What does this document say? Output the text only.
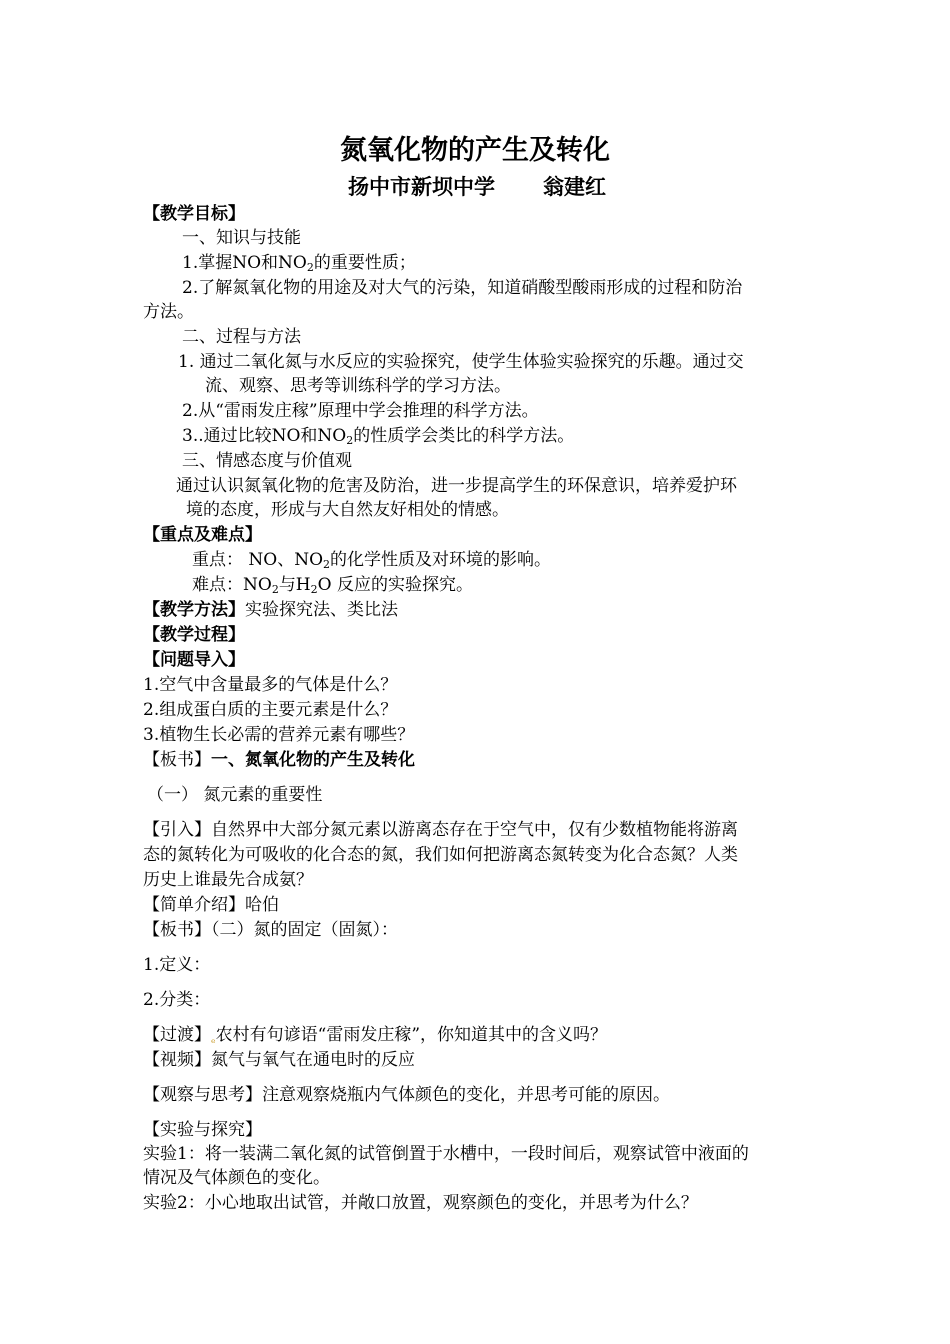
氮氧化物的产生及转化
扬中市新坝中学 翁建红
【教学目标】
一、知识与技能
1.掌握NO和$NO_2$的重要性质；
2.了解氮氧化物的用途及对大气的污染，知道硝酸型酸雨形成的过程和防治
方法。
二、过程与方法
1. 通过二氧化氮与水反应的实验探究，使学生体验实验探究的乐趣。通过交
流、观察、思考等训练科学的学习方法。
2.从“雷雨发庄稼”原理中学会推理的科学方法。
3..通过比较NO和$NO_2$的性质学会类比的科学方法。
三、情感态度与价值观
通过认识氮氧化物的危害及防治，进一步提高学生的环保意识，培养爱护环
境的态度，形成与大自然友好相处的情感。
【重点及难点】
重点： NO、$NO_2$的化学性质及对环境的影响。
难点：$NO_2$与$H_2O$ 反应的实验探究。
【教学方法】实验探究法、类比法
【教学过程】
【问题导入】
1.空气中含量最多的气体是什么？
2.组成蛋白质的主要元素是什么？
3.植物生长必需的营养元素有哪些？
【板书】一、氮氧化物的产生及转化
（一） 氮元素的重要性
【引入】自然界中大部分氮元素以游离态存在于空气中，仅有少数植物能将游离
态的氮转化为可吸收的化合态的氮，我们如何把游离态氮转变为化合态氮？人类
历史上谁最先合成氨？
【简单介绍】哈伯
【板书】（二）氮的固定（固氮）：
1.定义：
2.分类：
【过渡】ₑ农村有句谚语“雷雨发庄稼”，你知道其中的含义吗？
【视频】氮气与氧气在通电时的反应
【观察与思考】注意观察烧瓶内气体颜色的变化，并思考可能的原因。
【实验与探究】
实验1：将一装满二氧化氮的试管倒置于水槽中，一段时间后，观察试管中液面的
情况及气体颜色的变化。
实验2：小心地取出试管，并敞口放置，观察颜色的变化，并思考为什么？
